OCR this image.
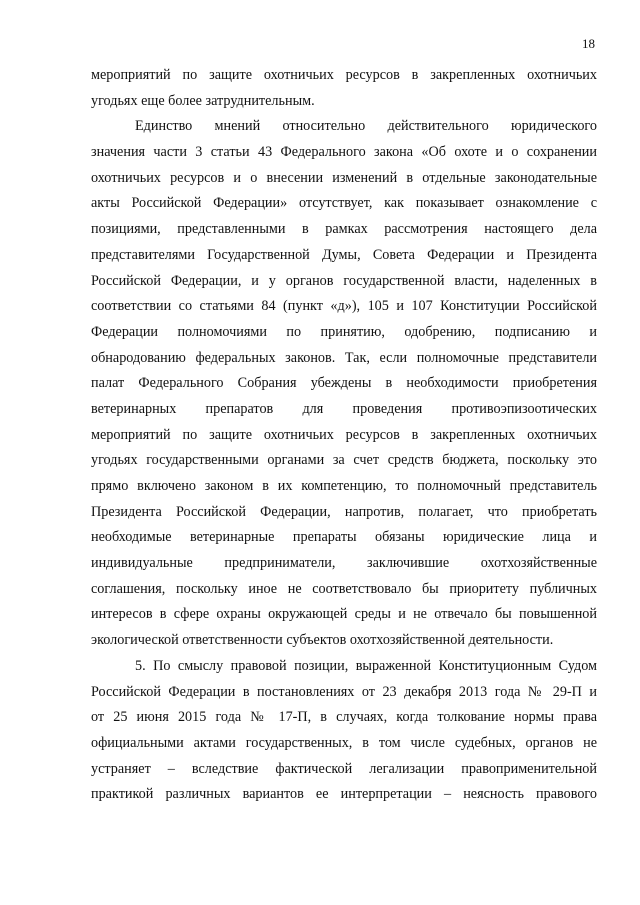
18
мероприятий по защите охотничьих ресурсов в закрепленных охотничьих
угодьях еще более затруднительным.
Единство мнений относительно действительного юридического
значения части 3 статьи 43 Федерального закона «Об охоте и о сохранении
охотничьих ресурсов и о внесении изменений в отдельные законодательные
акты Российской Федерации» отсутствует, как показывает ознакомление с
позициями, представленными в рамках рассмотрения настоящего дела
представителями Государственной Думы, Совета Федерации и Президента
Российской Федерации, и у органов государственной власти, наделенных в
соответствии со статьями 84 (пункт «д»), 105 и 107 Конституции Российской
Федерации полномочиями по принятию, одобрению, подписанию и
обнародованию федеральных законов. Так, если полномочные представители
палат Федерального Собрания убеждены в необходимости приобретения
ветеринарных препаратов для проведения противоэпизоотических
мероприятий по защите охотничьих ресурсов в закрепленных охотничьих
угодьях государственными органами за счет средств бюджета, поскольку это
прямо включено законом в их компетенцию, то полномочный представитель
Президента Российской Федерации, напротив, полагает, что приобретать
необходимые ветеринарные препараты обязаны юридические лица и
индивидуальные предприниматели, заключившие охотхозяйственные
соглашения, поскольку иное не соответствовало бы приоритету публичных
интересов в сфере охраны окружающей среды и не отвечало бы повышенной
экологической ответственности субъектов охотхозяйственной деятельности.
5. По смыслу правовой позиции, выраженной Конституционным Судом
Российской Федерации в постановлениях от 23 декабря 2013 года № 29-П и
от 25 июня 2015 года № 17-П, в случаях, когда толкование нормы права
официальными актами государственных, в том числе судебных, органов не
устраняет – вследствие фактической легализации правоприменительной
практикой различных вариантов ее интерпретации – неясность правового
